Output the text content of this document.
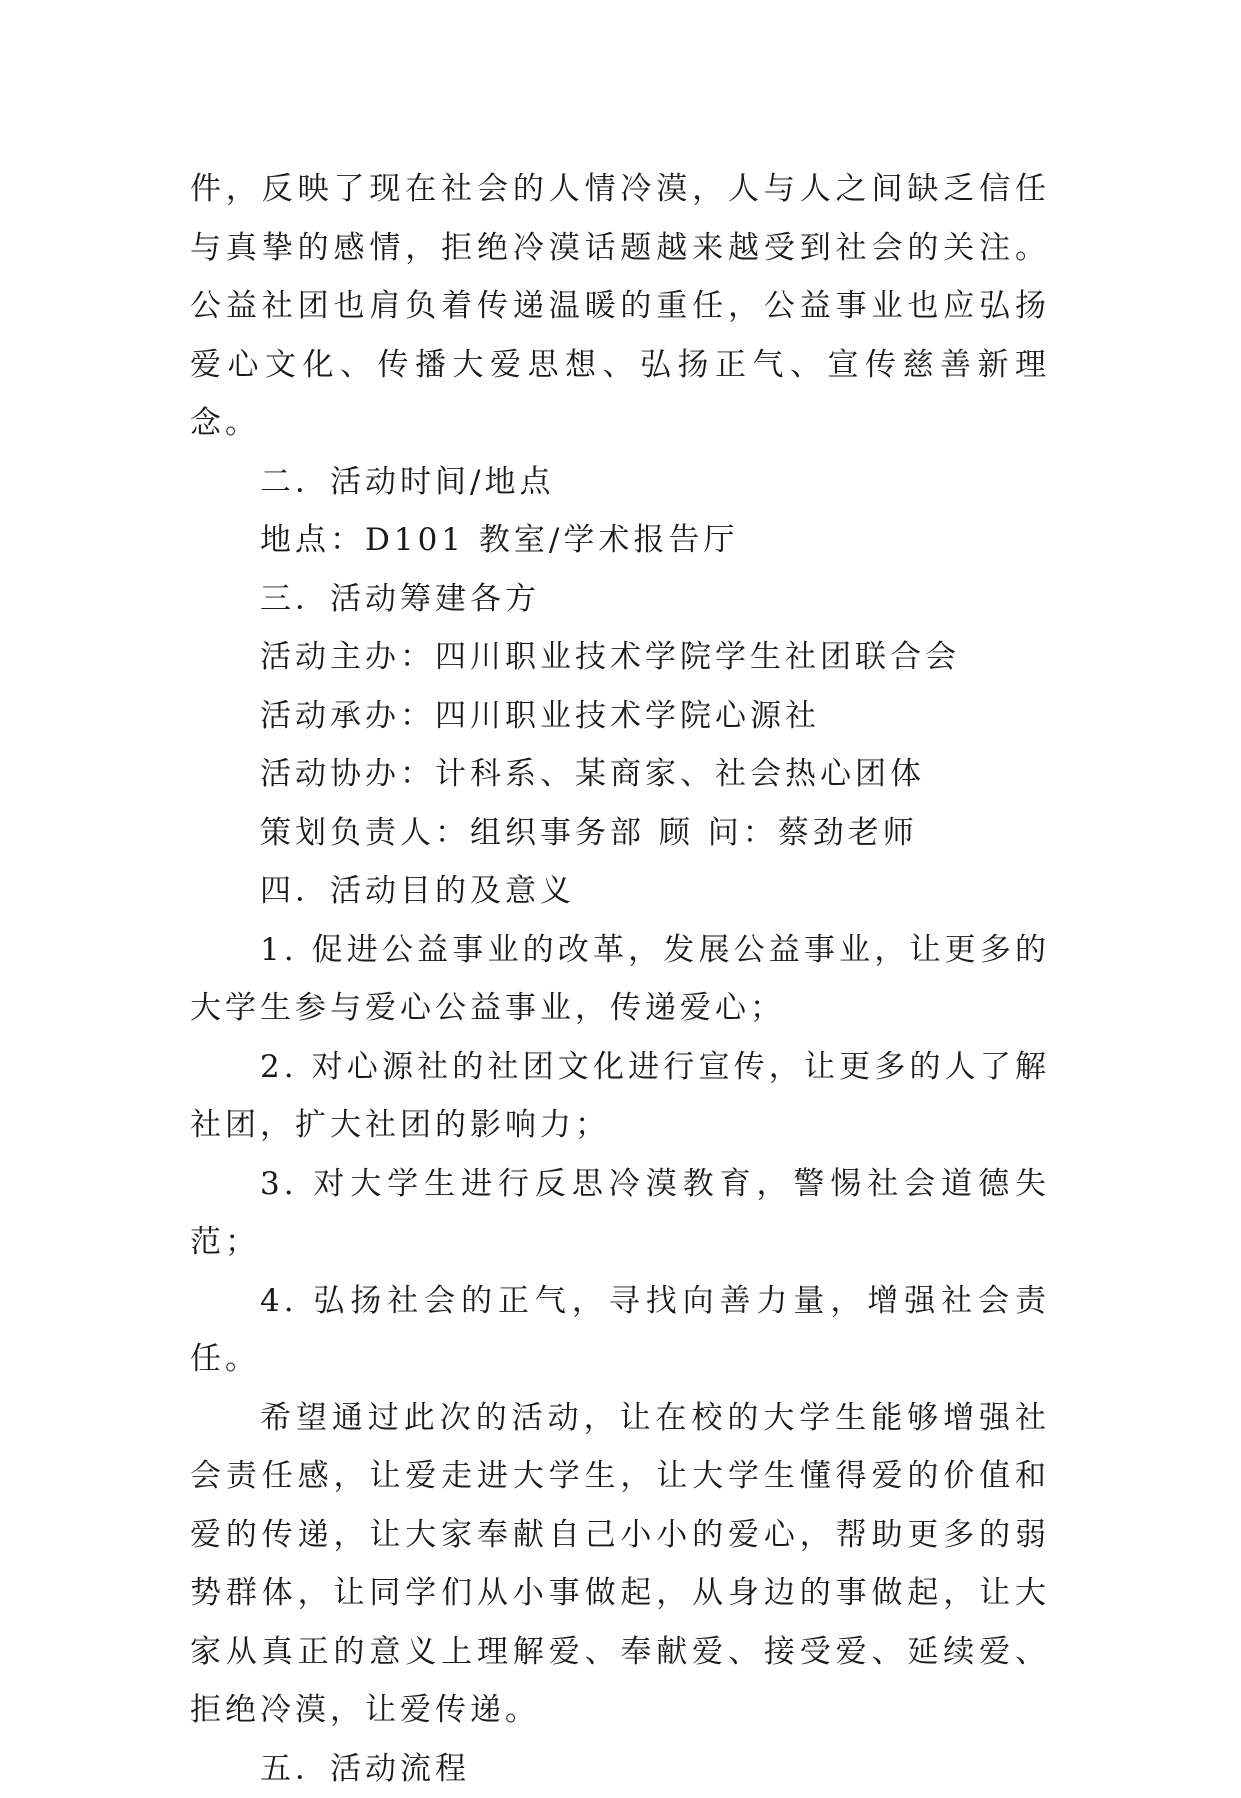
件，反映了现在社会的人情冷漠，人与人之间缺乏信任与真挚的感情，拒绝冷漠话题越来越受到社会的关注。公益社团也肩负着传递温暖的重任，公益事业也应弘扬爱心文化、传播大爱思想、弘扬正气、宣传慈善新理念。

二．活动时间/地点

地点：D101 教室/学术报告厅

三．活动筹建各方

活动主办：四川职业技术学院学生社团联合会

活动承办：四川职业技术学院心源社

活动协办：计科系、某商家、社会热心团体

策划负责人：组织事务部 顾 问：蔡劲老师

四．活动目的及意义

1. 促进公益事业的改革，发展公益事业，让更多的大学生参与爱心公益事业，传递爱心；

2. 对心源社的社团文化进行宣传，让更多的人了解社团，扩大社团的影响力；

3. 对大学生进行反思冷漠教育，警惕社会道德失范；

4. 弘扬社会的正气，寻找向善力量，增强社会责任。

希望通过此次的活动，让在校的大学生能够增强社会责任感，让爱走进大学生，让大学生懂得爱的价值和爱的传递，让大家奉献自己小小的爱心，帮助更多的弱势群体，让同学们从小事做起，从身边的事做起，让大家从真正的意义上理解爱、奉献爱、接受爱、延续爱、拒绝冷漠，让爱传递。

五．活动流程
